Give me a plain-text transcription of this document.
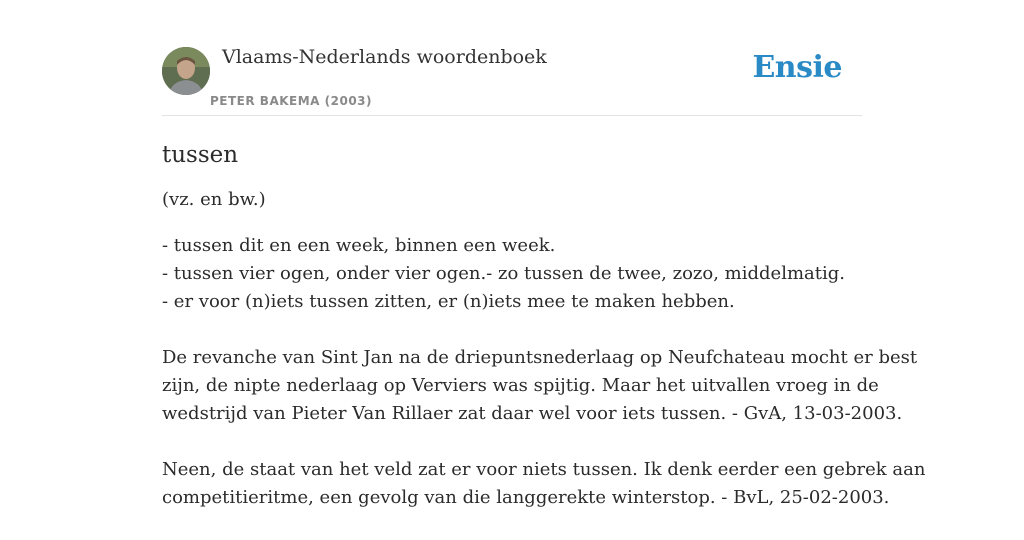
Vlaams-Nederlands woordenboek
PETER BAKEMA (2003)
Ensie
tussen
(vz. en bw.)
- tussen dit en een week, binnen een week.
- tussen vier ogen, onder vier ogen.- zo tussen de twee, zozo, middelmatig.
- er voor (n)iets tussen zitten, er (n)iets mee te maken hebben.
De revanche van Sint Jan na de driepuntsnederlaag op Neufchateau mocht er best
zijn, de nipte nederlaag op Verviers was spijtig. Maar het uitvallen vroeg in de
wedstrijd van Pieter Van Rillaer zat daar wel voor iets tussen. - GvA, 13-03-2003.
Neen, de staat van het veld zat er voor niets tussen. Ik denk eerder een gebrek aan
competitieritme, een gevolg van die langgerekte winterstop. - BvL, 25-02-2003.
